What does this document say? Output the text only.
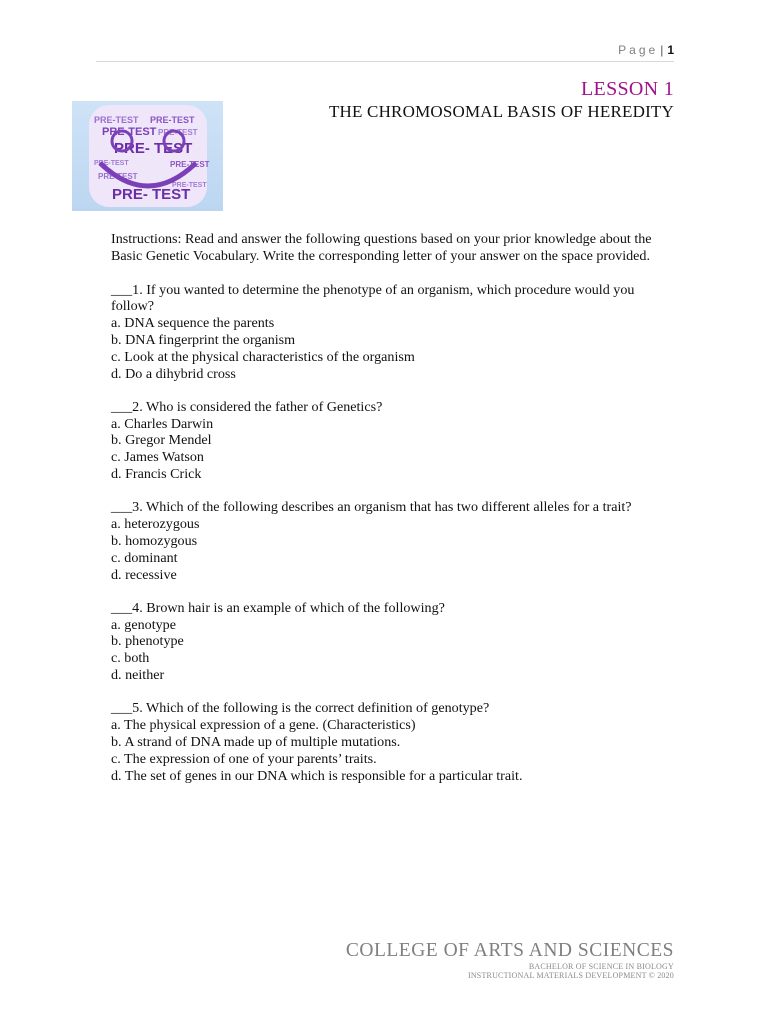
Page | 1
LESSON 1
THE CHROMOSOMAL BASIS OF HEREDITY
PRE-TEST PRE-TEST
PRE-TEST PRE-TEST
PRE- TEST
PRE-TEST	PRE-TEST
PRE-TEST
PRE- TEST
PRE-TEST

Instructions: Read and answer the following questions based on your prior knowledge about the Basic Genetic Vocabulary. Write the corresponding letter of your answer on the space provided.

___1. If you wanted to determine the phenotype of an organism, which procedure would you follow?
a. DNA sequence the parents
b. DNA fingerprint the organism
c. Look at the physical characteristics of the organism
d. Do a dihybrid cross
___2. Who is considered the father of Genetics?
a. Charles Darwin
b. Gregor Mendel
c. James Watson
d. Francis Crick
___3. Which of the following describes an organism that has two different alleles for a trait?
a. heterozygous
b. homozygous
c. dominant
d. recessive
___4. Brown hair is an example of which of the following?
a. genotype
b. phenotype
c. both
d. neither
___5. Which of the following is the correct definition of genotype?
a. The physical expression of a gene. (Characteristics)
b. A strand of DNA made up of multiple mutations.
c. The expression of one of your parents’ traits.
d. The set of genes in our DNA which is responsible for a particular trait.
COLLEGE OF ARTS AND SCIENCES
BACHELOR OF SCIENCE IN BIOLOGY
INSTRUCTIONAL MATERIALS DEVELOPMENT © 2020
